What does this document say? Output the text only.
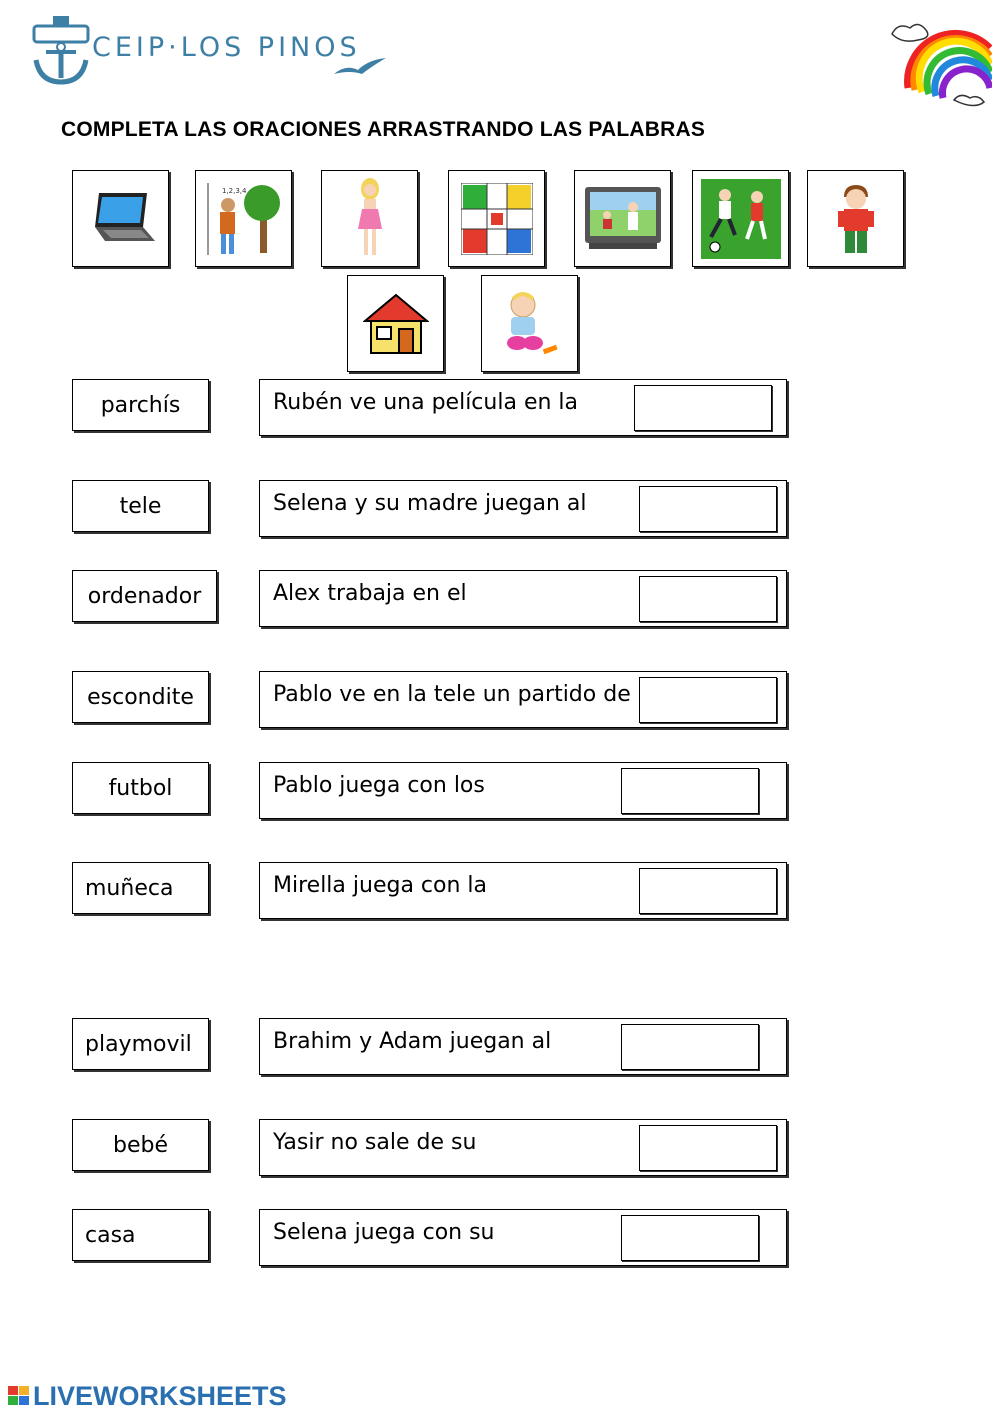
CEIP·LOS PINOS
COMPLETA LAS ORACIONES ARRASTRANDO LAS PALABRAS
1,2,3,4
parchís
tele
ordenador
escondite
futbol
muñeca
playmovil
bebé
casa
Rubén ve una película en la
Selena y su madre juegan al
Alex trabaja en el
Pablo ve en la tele un partido de
Pablo juega con los
Mirella juega con la
Brahim y Adam juegan al
Yasir no sale de su
Selena juega con su
LIVEWORKSHEETS
